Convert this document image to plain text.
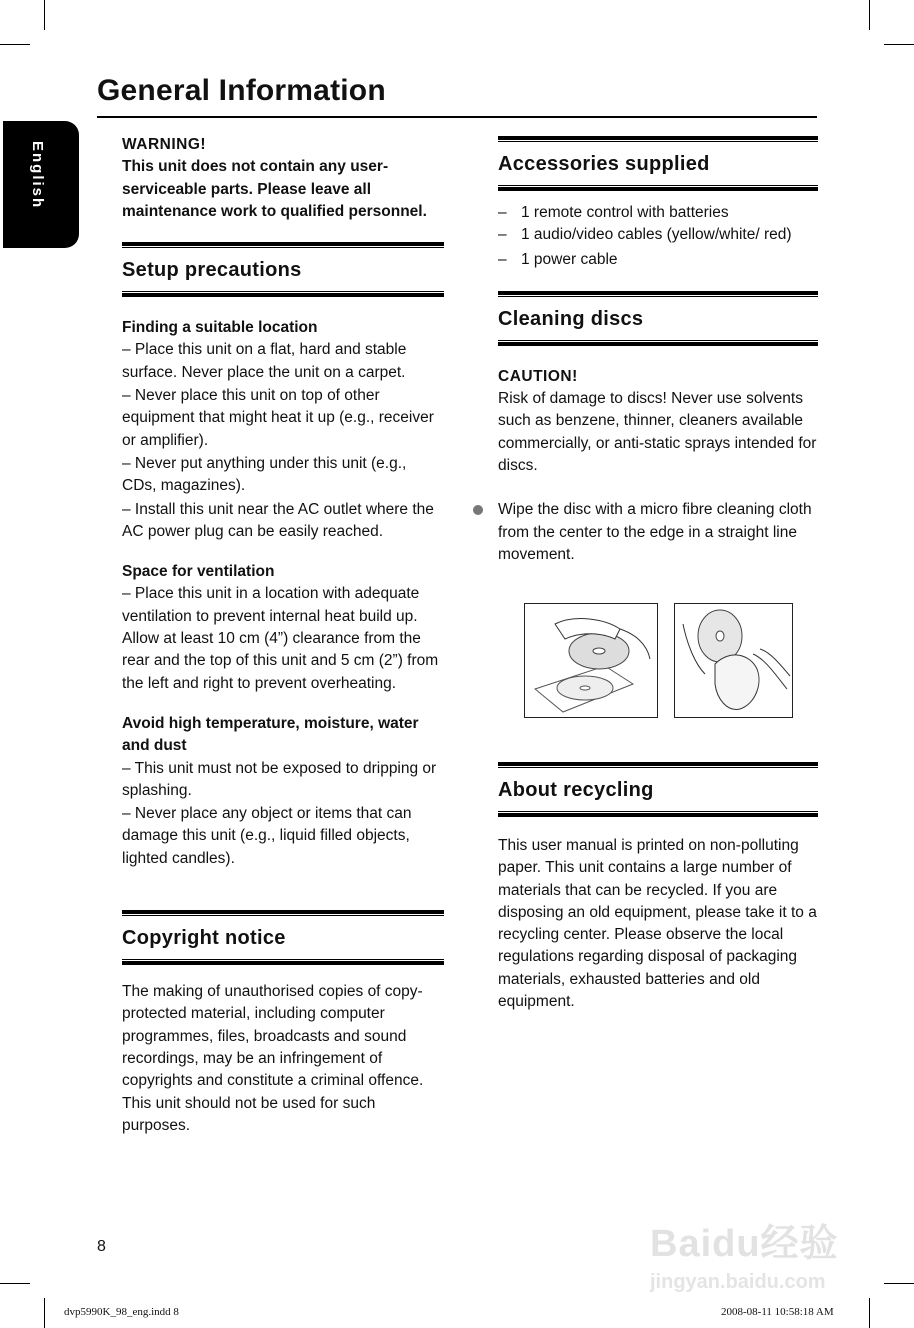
English
General Information
WARNING!
This unit does not contain any user-serviceable parts. Please leave all maintenance work to qualified personnel.
Setup precautions
Finding a suitable location
– Place this unit on a flat, hard and stable surface. Never place the unit on a carpet.
– Never place this unit on top of other equipment that might heat it up (e.g., receiver or amplifier).
– Never put anything under this unit (e.g., CDs, magazines).
– Install this unit near the AC outlet where the AC power plug can be easily reached.
Space for ventilation
– Place this unit in a location with adequate ventilation to prevent internal heat build up. Allow at least 10 cm (4”) clearance from the rear and the top of this unit and 5 cm (2”) from the left and right to prevent overheating.
Avoid high temperature, moisture, water and dust
– This unit must not be exposed to dripping or splashing.
– Never place any object or items that can damage this unit (e.g., liquid filled objects, lighted candles).
Copyright notice
The making of unauthorised copies of copy-protected material, including computer programmes, files, broadcasts and sound recordings, may be an infringement of copyrights and constitute a criminal offence. This unit should not be used for such purposes.
Accessories supplied
– 1 remote control with batteries
– 1 audio/video cables (yellow/white/ red)
– 1 power cable
Cleaning discs
CAUTION!
Risk of damage to discs! Never use solvents such as benzene, thinner, cleaners available commercially, or anti-static sprays intended for discs.
Wipe the disc with a micro fibre cleaning cloth from the center to the edge in a straight line movement.
About recycling
This user manual is printed on non-polluting paper. This unit contains a large number of materials that can be recycled. If you are disposing an old equipment, please take it to a recycling center. Please observe the local regulations regarding disposal of packaging materials, exhausted batteries and old equipment.
Baidu经验
jingyan.baidu.com
8
dvp5990K_98_eng.indd 8	2008-08-11 10:58:18 AM
